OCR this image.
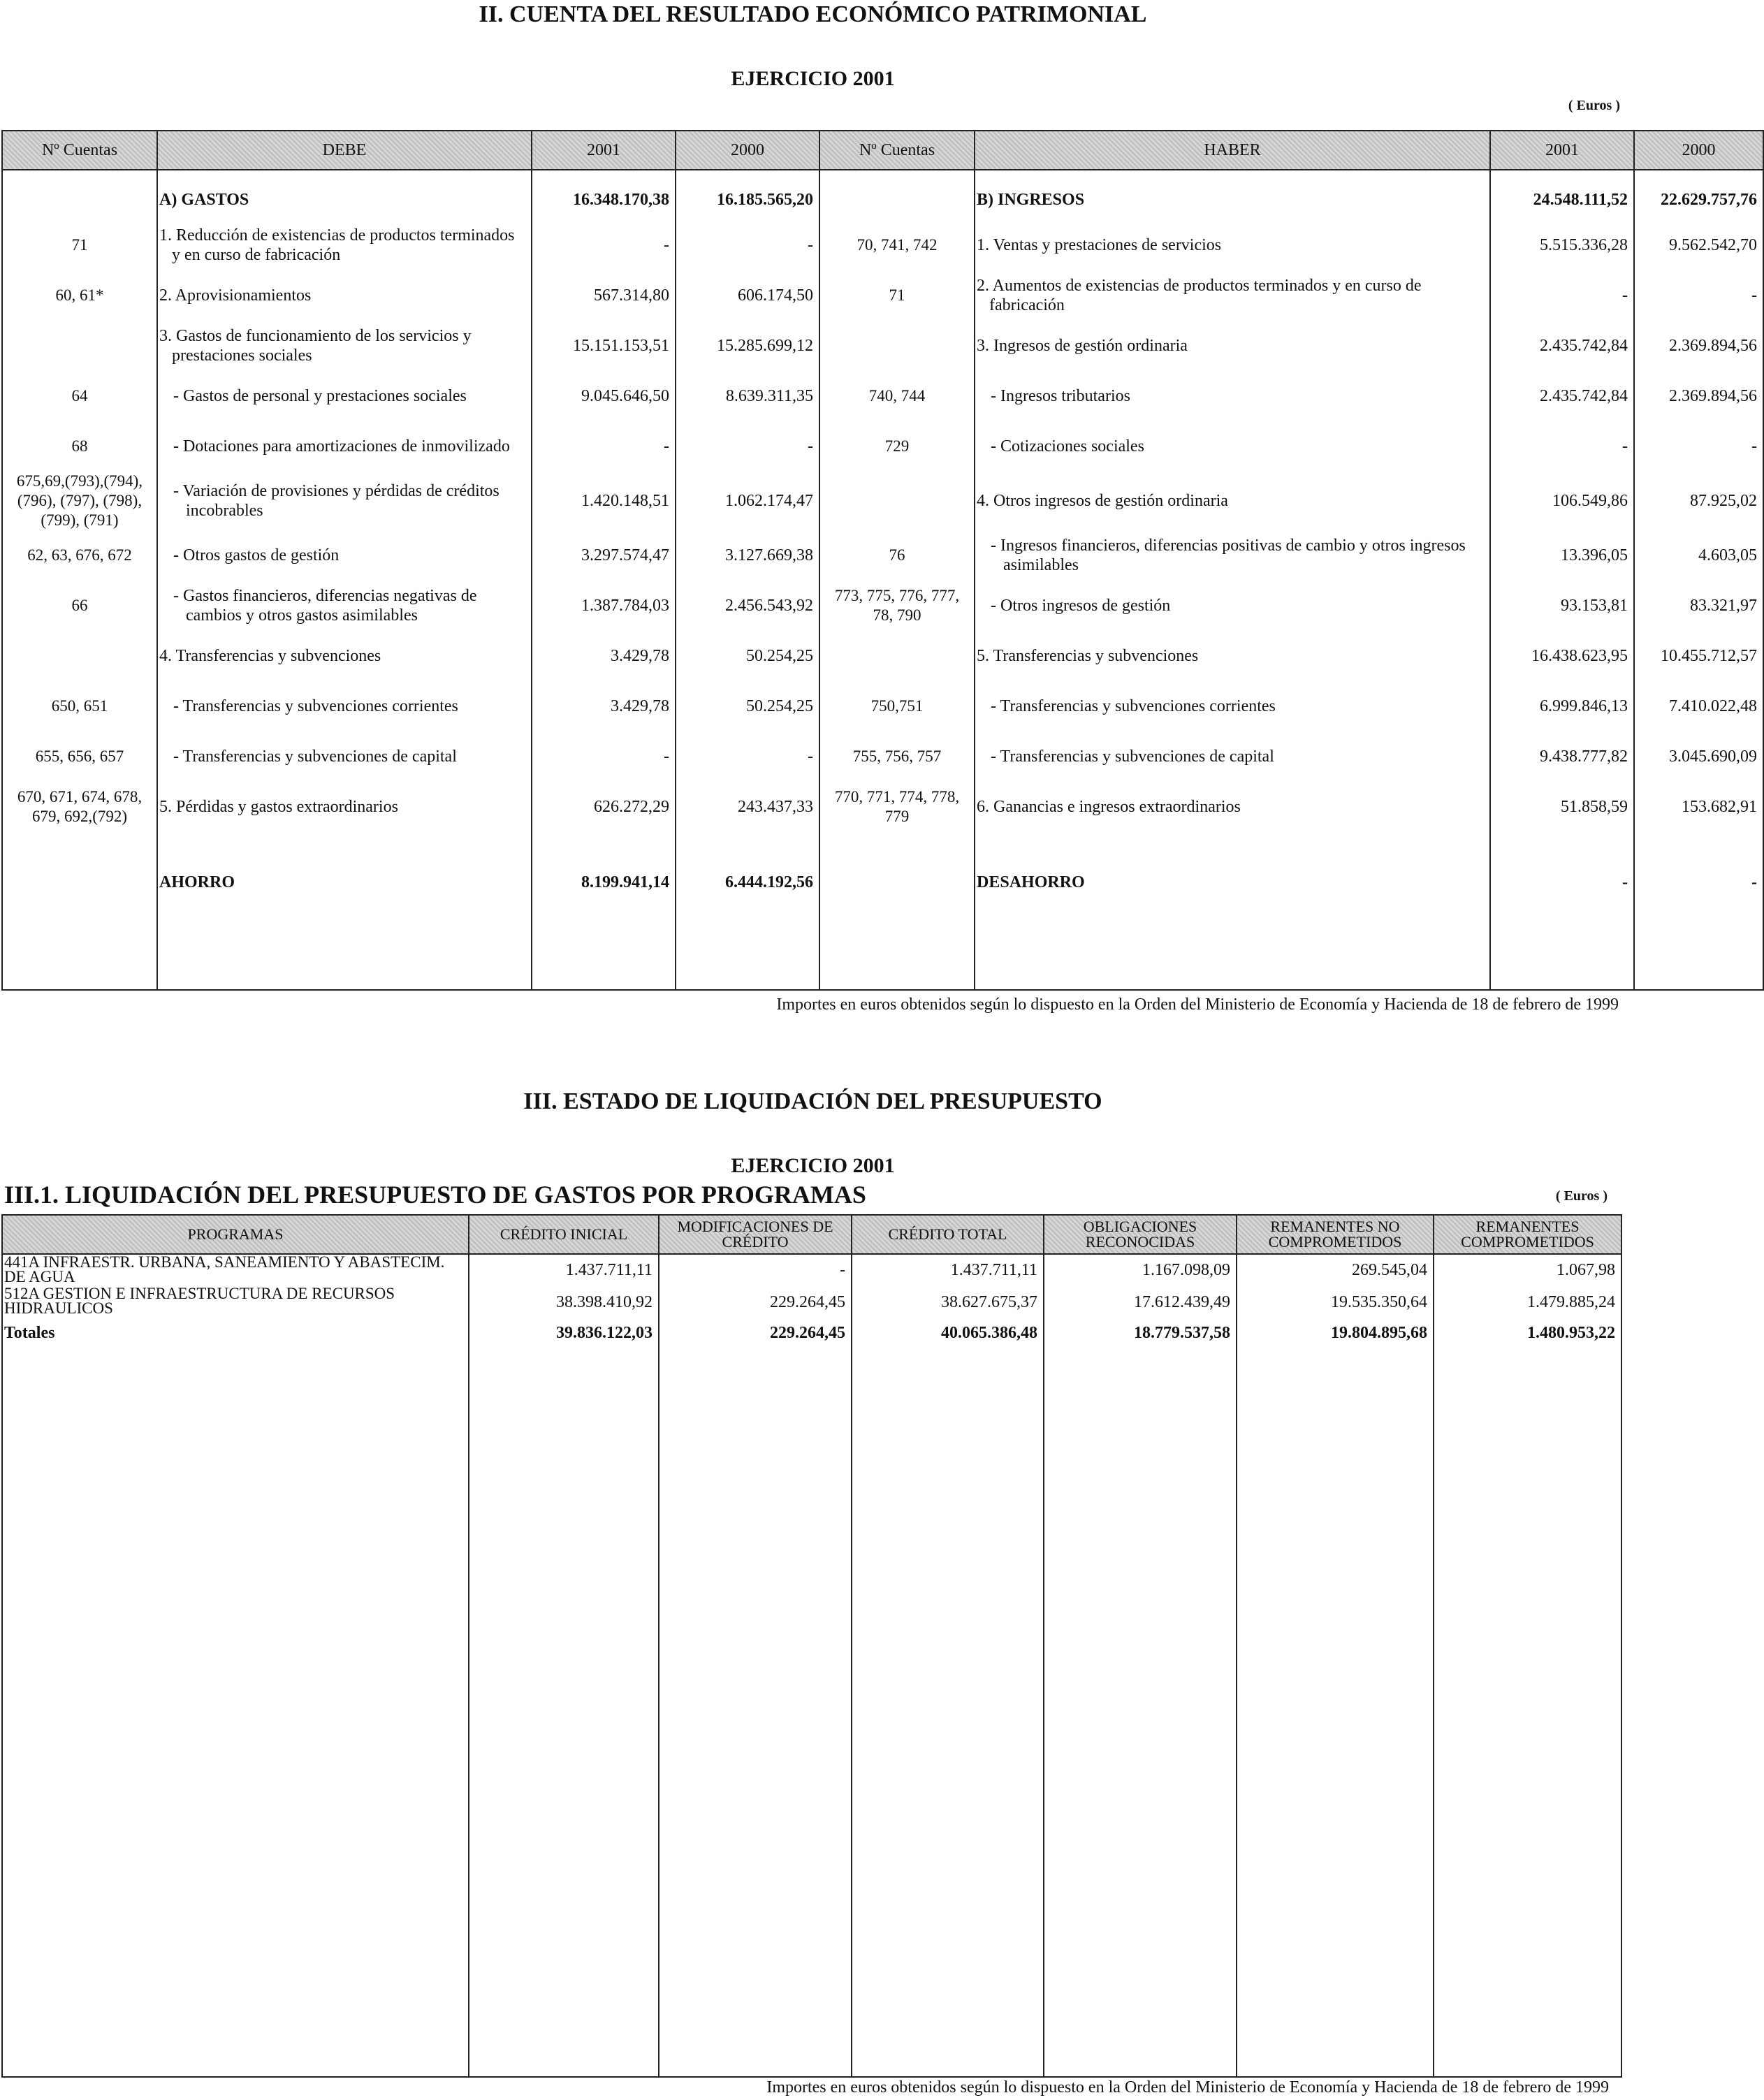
II. CUENTA DEL RESULTADO ECONÓMICO PATRIMONIAL
EJERCICIO 2001
( Euros )
Nº Cuentas	DEBE	2001	2000	Nº Cuentas	HABER	2001	2000

	A) GASTOS	16.348.170,38	16.185.565,20		B) INGRESOS	24.548.111,52	22.629.757,76
71	1. Reducción de existencias de productos terminados y en curso de fabricación	-	-	70, 741, 742	1. Ventas y prestaciones de servicios	5.515.336,28	9.562.542,70
60, 61*	2. Aprovisionamientos	567.314,80	606.174,50	71	2. Aumentos de existencias de productos terminados y en curso de fabricación	-	-
	3. Gastos de funcionamiento de los servicios y prestaciones sociales	15.151.153,51	15.285.699,12		3. Ingresos de gestión ordinaria	2.435.742,84	2.369.894,56
64	- Gastos de personal y prestaciones sociales	9.045.646,50	8.639.311,35	740, 744	- Ingresos tributarios	2.435.742,84	2.369.894,56
68	- Dotaciones para amortizaciones de inmovilizado	-	-	729	- Cotizaciones sociales	-	-
675,69,(793),(794), (796), (797), (798), (799), (791)	- Variación de provisiones y pérdidas de créditos incobrables	1.420.148,51	1.062.174,47		4. Otros ingresos de gestión ordinaria	106.549,86	87.925,02
62, 63, 676, 672	- Otros gastos de gestión	3.297.574,47	3.127.669,38	76	- Ingresos financieros, diferencias positivas de cambio y otros ingresos asimilables	13.396,05	4.603,05
66	- Gastos financieros, diferencias negativas de cambios y otros gastos asimilables	1.387.784,03	2.456.543,92	773, 775, 776, 777, 78, 790	- Otros ingresos de gestión	93.153,81	83.321,97
	4. Transferencias y subvenciones	3.429,78	50.254,25		5. Transferencias y subvenciones	16.438.623,95	10.455.712,57
650, 651	- Transferencias y subvenciones corrientes	3.429,78	50.254,25	750,751	- Transferencias y subvenciones corrientes	6.999.846,13	7.410.022,48
655, 656, 657	- Transferencias y subvenciones de capital	-	-	755, 756, 757	- Transferencias y subvenciones de capital	9.438.777,82	3.045.690,09
670, 671, 674, 678, 679, 692,(792)	5. Pérdidas y gastos extraordinarios	626.272,29	243.437,33	770, 771, 774, 778, 779	6. Ganancias e ingresos extraordinarios	51.858,59	153.682,91
	AHORRO	8.199.941,14	6.444.192,56		DESAHORRO	-	-

Importes en euros obtenidos según lo dispuesto en la Orden del Ministerio de Economía y Hacienda de 18 de febrero de 1999
III. ESTADO DE LIQUIDACIÓN DEL PRESUPUESTO
EJERCICIO 2001
III.1. LIQUIDACIÓN DEL PRESUPUESTO DE GASTOS POR PROGRAMAS	( Euros )
PROGRAMAS	CRÉDITO INICIAL	MODIFICACIONES DE CRÉDITO	CRÉDITO TOTAL	OBLIGACIONES RECONOCIDAS	REMANENTES NO COMPROMETIDOS	REMANENTES COMPROMETIDOS
441A INFRAESTR. URBANA, SANEAMIENTO Y ABASTECIM. DE AGUA	1.437.711,11	-	1.437.711,11	1.167.098,09	269.545,04	1.067,98
512A GESTION E INFRAESTRUCTURA DE RECURSOS HIDRAULICOS	38.398.410,92	229.264,45	38.627.675,37	17.612.439,49	19.535.350,64	1.479.885,24
Totales	39.836.122,03	229.264,45	40.065.386,48	18.779.537,58	19.804.895,68	1.480.953,22

Importes en euros obtenidos según lo dispuesto en la Orden del Ministerio de Economía y Hacienda de 18 de febrero de 1999
